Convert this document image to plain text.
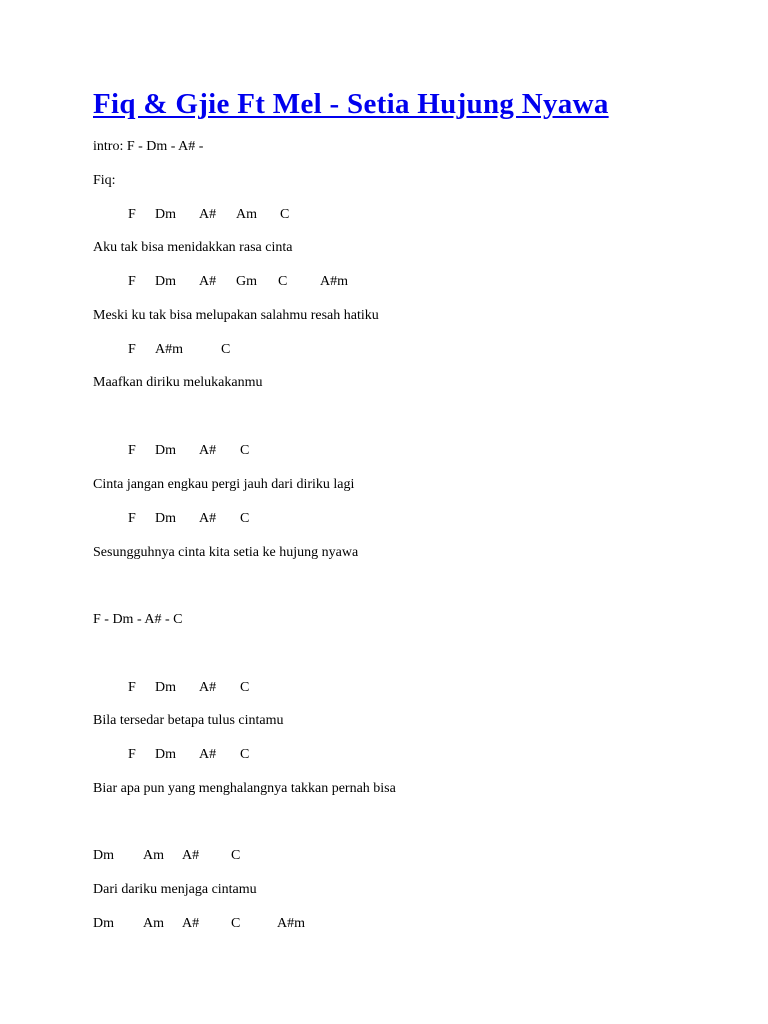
Fiq & Gjie Ft Mel - Setia Hujung Nyawa
intro: F - Dm - A# -
Fiq:
F Dm A# Am C
Aku tak bisa menidakkan rasa cinta
F Dm A# Gm C A#m
Meski ku tak bisa melupakan salahmu resah hatiku
F A#m	C
Maafkan diriku melukakanmu
F Dm A# C
Cinta jangan engkau pergi jauh dari diriku lagi
F Dm A# C
Sesungguhnya cinta kita setia ke hujung nyawa
F - Dm - A# - C
F Dm A# C
Bila tersedar betapa tulus cintamu
F Dm A# C
Biar apa pun yang menghalangnya takkan pernah bisa
Dm Am A# C
Dari dariku menjaga cintamu
Dm Am A# C	A#m
